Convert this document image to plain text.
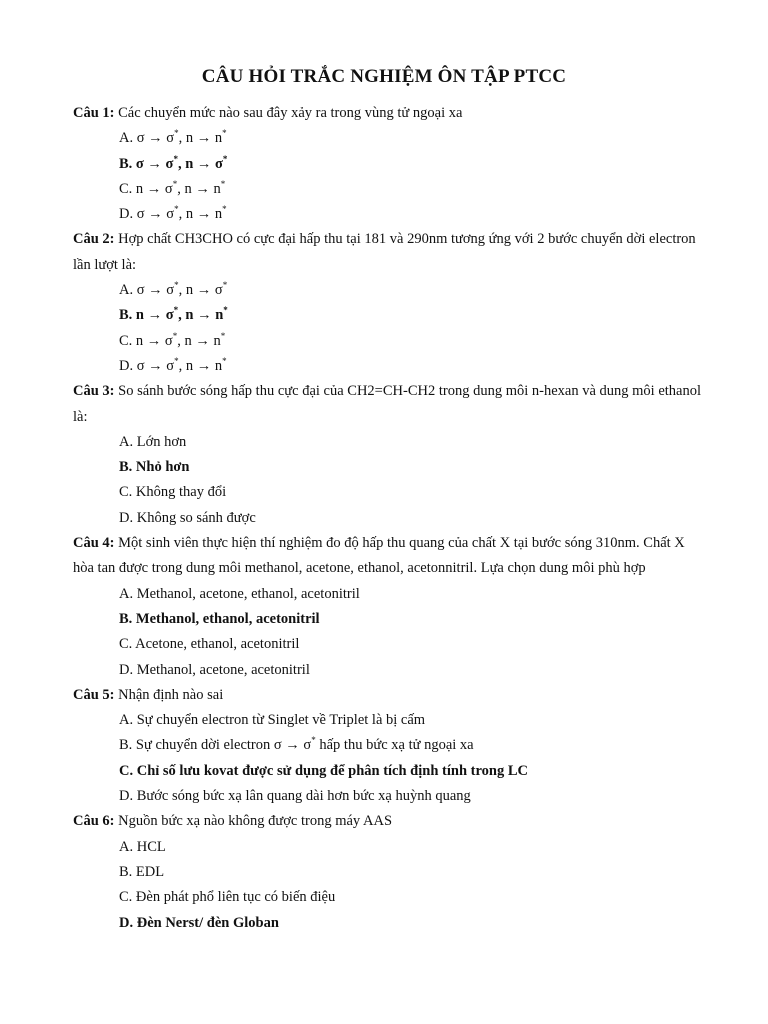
CÂU HỎI TRẮC NGHIỆM ÔN TẬP PTCC
Câu 1: Các chuyển mức nào sau đây xảy ra trong vùng tử ngoại xa
A. σ → σ*, n → n*
B. σ → σ*, n → σ*
C. n → σ*, n → n*
D. σ → σ*, n → n*
Câu 2: Hợp chất CH3CHO có cực đại hấp thu tại 181 và 290nm tương ứng với 2 bước chuyển dời electron lần lượt là:
A. σ → σ*, n → σ*
B. n → σ*, n → n*
C. n → σ*, n → n*
D. σ → σ*, n → n*
Câu 3: So sánh bước sóng hấp thu cực đại của CH2=CH-CH2 trong dung môi n-hexan và dung môi ethanol là:
A. Lớn hơn
B. Nhỏ hơn
C. Không thay đổi
D. Không so sánh được
Câu 4: Một sinh viên thực hiện thí nghiệm đo độ hấp thu quang của chất X tại bước sóng 310nm. Chất X hòa tan được trong dung môi methanol, acetone, ethanol, acetonnitril. Lựa chọn dung môi phù hợp
A. Methanol, acetone, ethanol, acetonitril
B. Methanol, ethanol, acetonitril
C. Acetone, ethanol, acetonitril
D. Methanol, acetone, acetonitril
Câu 5: Nhận định nào sai
A. Sự chuyển electron từ Singlet về Triplet là bị cấm
B. Sự chuyển dời electron σ → σ* hấp thu bức xạ tử ngoại xa
C. Chỉ số lưu kovat được sử dụng để phân tích định tính trong LC
D. Bước sóng bức xạ lân quang dài hơn bức xạ huỳnh quang
Câu 6: Nguồn bức xạ nào không được trong máy AAS
A. HCL
B. EDL
C. Đèn phát phổ liên tục có biến điệu
D. Đèn Nerst/ đèn Globan
